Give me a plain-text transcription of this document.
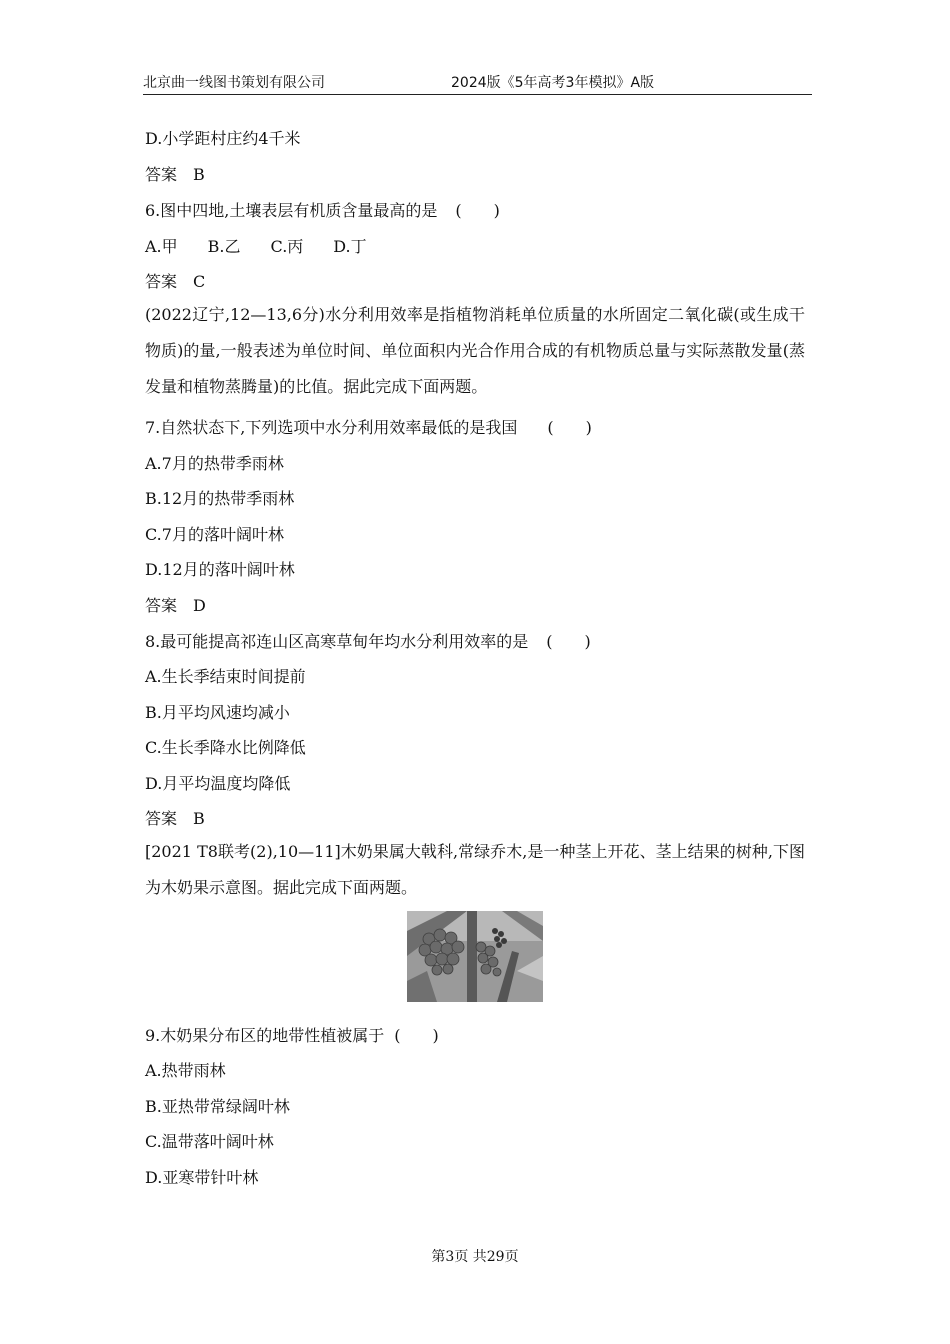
北京曲一线图书策划有限公司	2024版《5年高考3年模拟》A版
D.小学距村庄约4千米
答案　B
6.图中四地,土壤表层有机质含量最高的是 (　　)
A.甲 B.乙 C.丙 D.丁
答案　C
(2022辽宁,12—13,6分)水分利用效率是指植物消耗单位质量的水所固定二氧化碳(或生成干物质)的量,一般表述为单位时间、单位面积内光合作用合成的有机物质总量与实际蒸散发量(蒸发量和植物蒸腾量)的比值。据此完成下面两题。
7.自然状态下,下列选项中水分利用效率最低的是我国 (　　)
A.7月的热带季雨林
B.12月的热带季雨林
C.7月的落叶阔叶林
D.12月的落叶阔叶林
答案　D
8.最可能提高祁连山区高寒草甸年均水分利用效率的是 (　　)
A.生长季结束时间提前
B.月平均风速均减小
C.生长季降水比例降低
D.月平均温度均降低
答案　B
[2021 T8联考(2),10—11]木奶果属大戟科,常绿乔木,是一种茎上开花、茎上结果的树种,下图为木奶果示意图。据此完成下面两题。
9.木奶果分布区的地带性植被属于 (　　)
A.热带雨林
B.亚热带常绿阔叶林
C.温带落叶阔叶林
D.亚寒带针叶林
第3页 共29页
